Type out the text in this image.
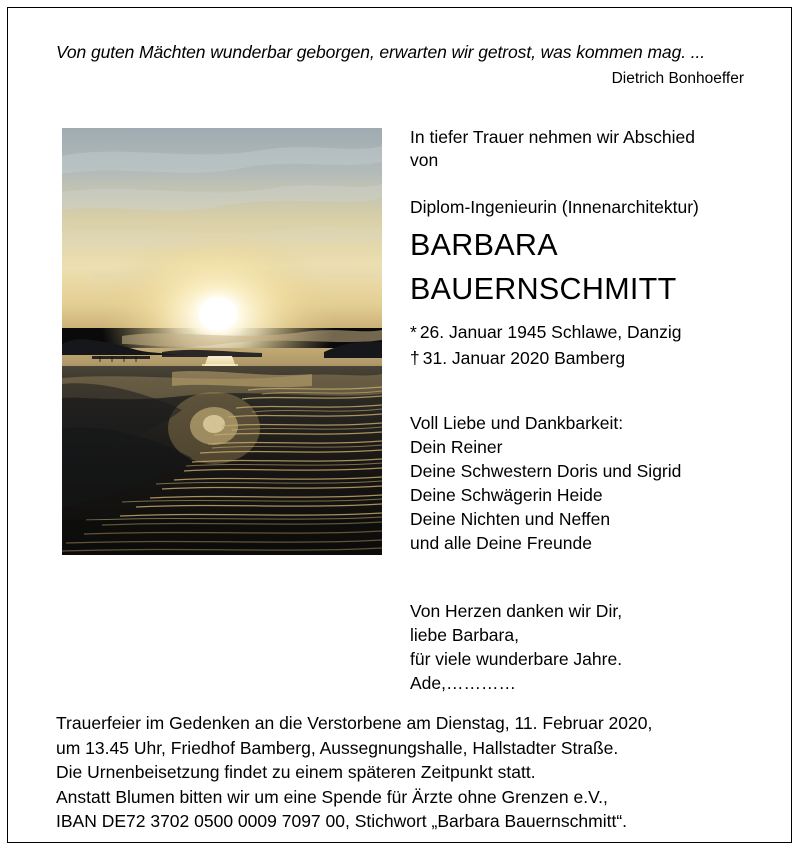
Von guten Mächten wunderbar geborgen, erwarten wir getrost, was kommen mag. ...
Dietrich Bonhoeffer
In tiefer Trauer nehmen wir Abschied
von
Diplom-Ingenieurin (Innenarchitektur)
BARBARA
BAUERNSCHMITT
* 26. Januar 1945 Schlawe, Danzig
† 31. Januar 2020 Bamberg
Voll Liebe und Dankbarkeit:
Dein Reiner
Deine Schwestern Doris und Sigrid
Deine Schwägerin Heide
Deine Nichten und Neffen
und alle Deine Freunde
Von Herzen danken wir Dir,
liebe Barbara,
für viele wunderbare Jahre.
Ade,…………
Trauerfeier im Gedenken an die Verstorbene am Dienstag, 11. Februar 2020,
um 13.45 Uhr, Friedhof Bamberg, Aussegnungshalle, Hallstadter Straße.
Die Urnenbeisetzung findet zu einem späteren Zeitpunkt statt.
Anstatt Blumen bitten wir um eine Spende für Ärzte ohne Grenzen e.V.,
IBAN DE72 3702 0500 0009 7097 00, Stichwort „Barbara Bauernschmitt“.
